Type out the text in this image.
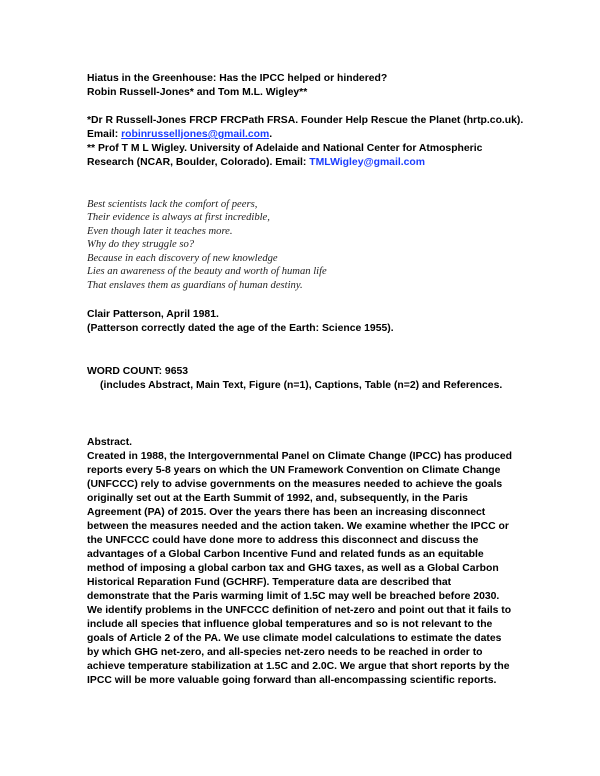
Hiatus in the Greenhouse: Has the IPCC helped or hindered?
Robin Russell-Jones* and Tom M.L. Wigley**
*Dr R Russell-Jones FRCP FRCPath FRSA. Founder Help Rescue the Planet (hrtp.co.uk).
Email: robinrusselljones@gmail.com.
** Prof T M L Wigley. University of Adelaide and National Center for Atmospheric
Research (NCAR, Boulder, Colorado). Email: TMLWigley@gmail.com
Best scientists lack the comfort of peers,
Their evidence is always at first incredible,
Even though later it teaches more.
Why do they struggle so?
Because in each discovery of new knowledge
Lies an awareness of the beauty and worth of human life
That enslaves them as guardians of human destiny.
Clair Patterson, April 1981.
(Patterson correctly dated the age of the Earth: Science 1955).
WORD COUNT: 9653
(includes Abstract, Main Text, Figure (n=1), Captions, Table (n=2) and References.
Abstract.
Created in 1988, the Intergovernmental Panel on Climate Change (IPCC) has produced
reports every 5-8 years on which the UN Framework Convention on Climate Change
(UNFCCC) rely to advise governments on the measures needed to achieve the goals
originally set out at the Earth Summit of 1992, and, subsequently, in the Paris
Agreement (PA) of 2015. Over the years there has been an increasing disconnect
between the measures needed and the action taken. We examine whether the IPCC or
the UNFCCC could have done more to address this disconnect and discuss the
advantages of a Global Carbon Incentive Fund and related funds as an equitable
method of imposing a global carbon tax and GHG taxes, as well as a Global Carbon
Historical Reparation Fund (GCHRF). Temperature data are described that
demonstrate that the Paris warming limit of 1.5C may well be breached before 2030.
We identify problems in the UNFCCC definition of net-zero and point out that it fails to
include all species that influence global temperatures and so is not relevant to the
goals of Article 2 of the PA. We use climate model calculations to estimate the dates
by which GHG net-zero, and all-species net-zero needs to be reached in order to
achieve temperature stabilization at 1.5C and 2.0C. We argue that short reports by the
IPCC will be more valuable going forward than all-encompassing scientific reports.
